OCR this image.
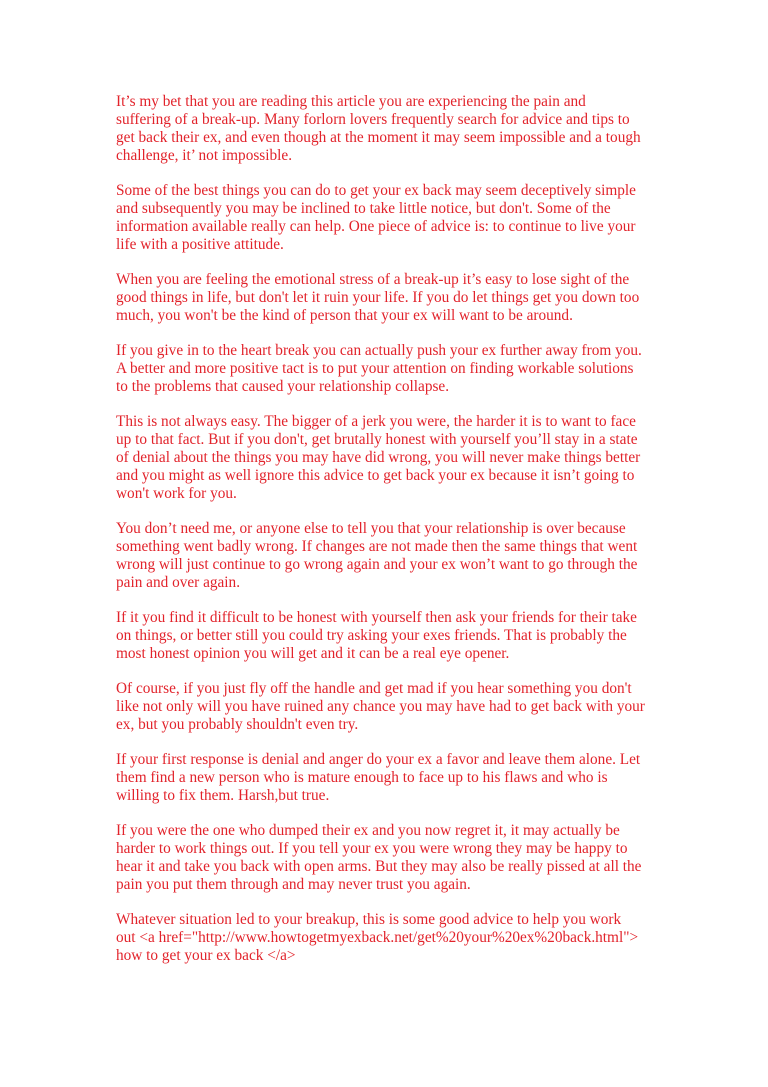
It’s my bet that you are reading this article you are experiencing the pain and
suffering of a break-up. Many forlorn lovers frequently search for advice and tips to
get back their ex, and even though at the moment it may seem impossible and a tough
challenge, it’ not impossible.
Some of the best things you can do to get your ex back may seem deceptively simple
and subsequently you may be inclined to take little notice, but don't. Some of the
information available really can help. One piece of advice is: to continue to live your
life with a positive attitude.
When you are feeling the emotional stress of a break-up it’s easy to lose sight of the
good things in life, but don't let it ruin your life. If you do let things get you down too
much, you won't be the kind of person that your ex will want to be around.
If you give in to the heart break you can actually push your ex further away from you.
A better and more positive tact is to put your attention on finding workable solutions
to the problems that caused your relationship collapse.
This is not always easy. The bigger of a jerk you were, the harder it is to want to face
up to that fact. But if you don't, get brutally honest with yourself you’ll stay in a state
of denial about the things you may have did wrong, you will never make things better
and you might as well ignore this advice to get back your ex because it isn’t going to
won't work for you.
You don’t need me, or anyone else to tell you that your relationship is over because
something went badly wrong. If changes are not made then the same things that went
wrong will just continue to go wrong again and your ex won’t want to go through the
pain and over again.
If it you find it difficult to be honest with yourself then ask your friends for their take
on things, or better still you could try asking your exes friends. That is probably the
most honest opinion you will get and it can be a real eye opener.
Of course, if you just fly off the handle and get mad if you hear something you don't
like not only will you have ruined any chance you may have had to get back with your
ex, but you probably shouldn't even try.
If your first response is denial and anger do your ex a favor and leave them alone. Let
them find a new person who is mature enough to face up to his flaws and who is
willing to fix them. Harsh,but true.
If you were the one who dumped their ex and you now regret it, it may actually be
harder to work things out. If you tell your ex you were wrong they may be happy to
hear it and take you back with open arms. But they may also be really pissed at all the
pain you put them through and may never trust you again.
Whatever situation led to your breakup, this is some good advice to help you work
out <a href="http://www.howtogetmyexback.net/get%20your%20ex%20back.html">
how to get your ex back </a>
